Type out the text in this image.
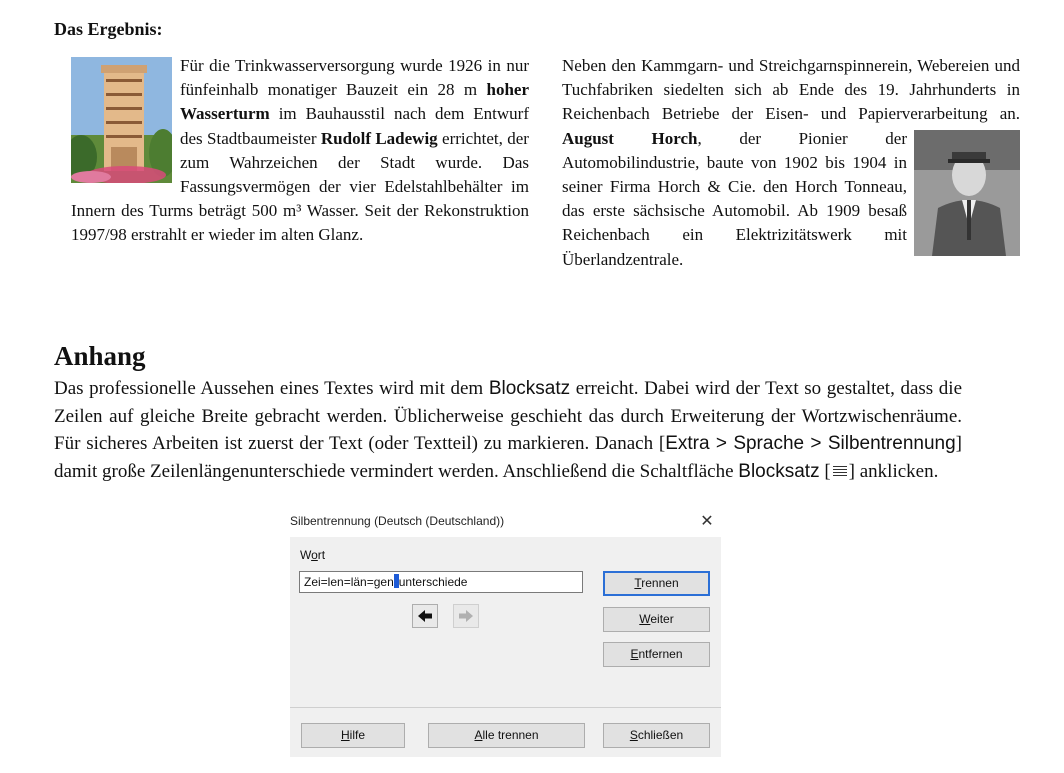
Das Ergebnis:

Für die Trinkwasserversorgung wurde 1926 in nur fünfeinhalb monatiger Bauzeit ein 28 m hoher Wasserturm im Bauhausstil nach dem Entwurf des Stadtbaumeister Rudolf Ladewig errichtet, der zum Wahrzeichen der Stadt wurde. Das Fassungsvermögen der vier Edelstahlbehälter im Innern des Turms beträgt 500 m³ Wasser. Seit der Rekonstruktion 1997/98 erstrahlt er wieder im alten Glanz.

Neben den Kammgarn- und Streichgarnspinnerein, Webereien und Tuchfabriken siedelten sich ab Ende des 19. Jahrhunderts in Reichenbach Betriebe der Eisen- und Papierverarbeitung an.
August Horch, der Pionier der Automobilindustrie, baute von 1902 bis 1904 in seiner Firma Horch & Cie. den Horch Tonneau, das erste sächsische Automobil. Ab 1909 besaß Reichenbach ein Elektrizitätswerk mit Überlandzentrale.

Anhang

Das professionelle Aussehen eines Textes wird mit dem Blocksatz erreicht. Dabei wird der Text so gestaltet, dass die Zeilen auf gleiche Breite gebracht werden. Üblicherweise geschieht das durch Erweiterung der Wortzwischenräume. Für sicheres Arbeiten ist zuerst der Text (oder Textteil) zu markieren. Danach [Extra > Sprache > Silbentrennung] damit große Zeilenlängenunterschiede vermindert werden. Anschließend die Schaltfläche Blocksatz [ ] anklicken.

Silbentrennung (Deutsch (Deutschland))	✕
Wort
Zei=len=län=gen unterschiede	Trennen
Weiter
Entfernen
Hilfe	Alle trennen	Schließen
